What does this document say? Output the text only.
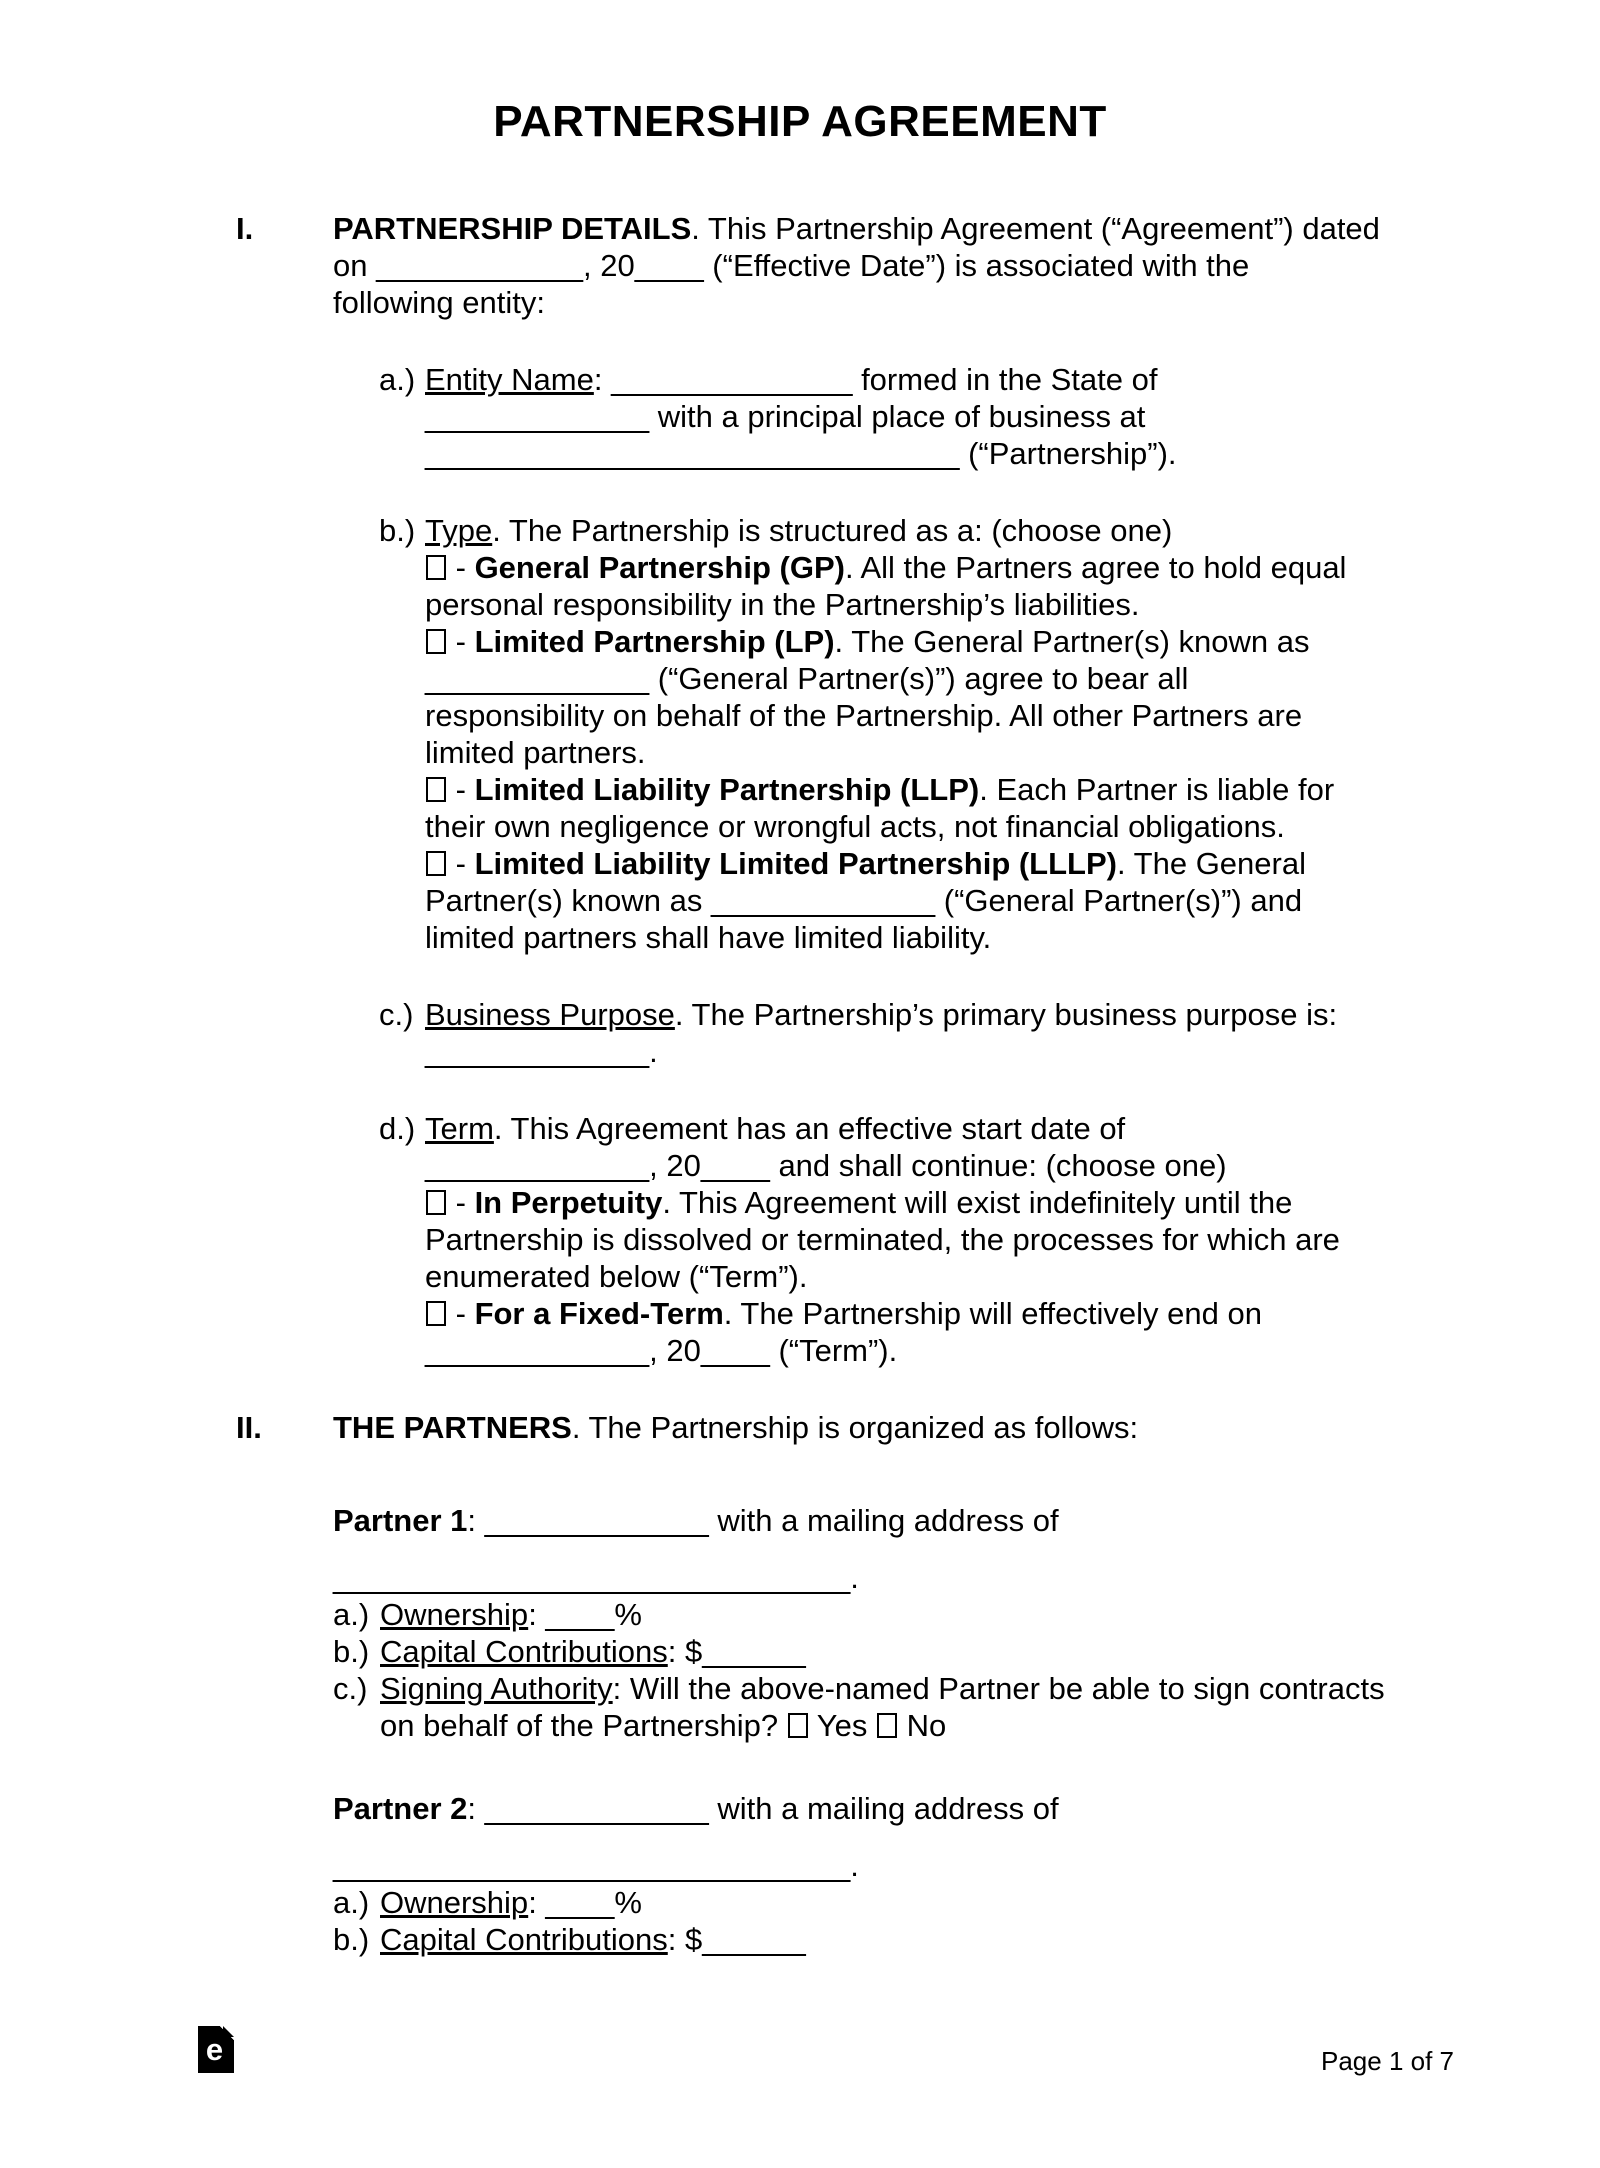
PARTNERSHIP AGREEMENT
I.	PARTNERSHIP DETAILS. This Partnership Agreement (“Agreement”) dated
on ____________, 20____ (“Effective Date”) is associated with the
following entity:
a.) Entity Name: ______________ formed in the State of
_____________ with a principal place of business at
_______________________________ (“Partnership”).
b.) Type. The Partnership is structured as a: (choose one)
- General Partnership (GP). All the Partners agree to hold equal
personal responsibility in the Partnership’s liabilities.
- Limited Partnership (LP). The General Partner(s) known as
_____________ (“General Partner(s)”) agree to bear all
responsibility on behalf of the Partnership. All other Partners are
limited partners.
- Limited Liability Partnership (LLP). Each Partner is liable for
their own negligence or wrongful acts, not financial obligations.
- Limited Liability Limited Partnership (LLLP). The General
Partner(s) known as _____________ (“General Partner(s)”) and
limited partners shall have limited liability.
c.) Business Purpose. The Partnership’s primary business purpose is:
_____________.
d.) Term. This Agreement has an effective start date of
_____________, 20____ and shall continue: (choose one)
- In Perpetuity. This Agreement will exist indefinitely until the
Partnership is dissolved or terminated, the processes for which are
enumerated below (“Term”).
- For a Fixed-Term. The Partnership will effectively end on
_____________, 20____ (“Term”).
II.	THE PARTNERS. The Partnership is organized as follows:
Partner 1: _____________ with a mailing address of
______________________________.
a.) Ownership: ____%
b.) Capital Contributions: $______
c.) Signing Authority: Will the above-named Partner be able to sign contracts
on behalf of the Partnership?  Yes  No
Partner 2: _____________ with a mailing address of
______________________________.
a.) Ownership: ____%
b.) Capital Contributions: $______
e	Page 1 of 7
